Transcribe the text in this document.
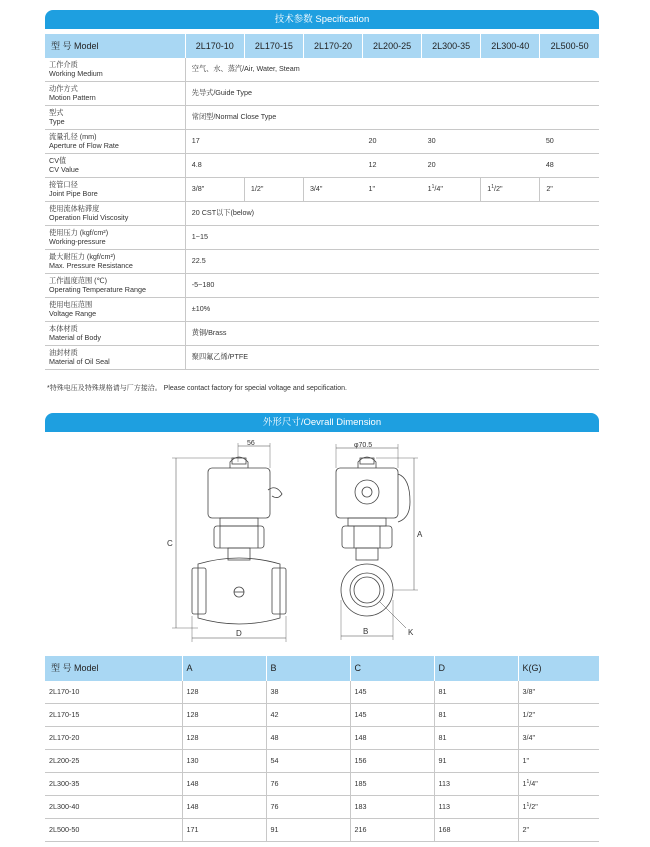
技术参数 Specification
型 号 Model	2L170-10	2L170-15	2L170-20	2L200-25	2L300-35	2L300-40	2L500-50

工作介质
Working Medium	空气、水、蒸汽/Air, Water, Steam						

动作方式
Motion Pattern	先导式/Guide Type						

型式
Type	常闭型/Normal Close Type						

流量孔径 (mm)
Aperture of Flow Rate	17			20	30		50

CV值
CV Value	4.8			12	20		48

接管口径
Joint Pipe Bore	3/8"	1/2"	3/4"	1"	$1^1/4$"	$1^1/2$"	2"

使用流体粘滞度
Operation Fluid Viscosity	20 CST以下(below)						

使用压力 (kgf/cm²)
Working-pressure	1~15						

最大耐压力 (kgf/cm²)
Max. Pressure Resistance	22.5						

工作温度范围 (℃)
Operating Temperature Range	-5~180						

使用电压范围
Voltage Range	±10%						

本体材质
Material of Body	黄铜/Brass						

油封材质
Material of Oil Seal	聚四氟乙烯/PTFE						
*特殊电压及特殊规格请与厂方接洽。 Please contact factory for special voltage and sepcification.
外形尺寸/Oevrall Dimension
56
C
D
φ70.5
A
B	K
型 号 Model	A	B	C	D	K(G)
2L170-10	128	38	145	81	3/8"
2L170-15	128	42	145	81	1/2"
2L170-20	128	48	148	81	3/4"
2L200-25	130	54	156	91	1"
2L300-35	148	76	185	113	$1^1/4$"
2L300-40	148	76	183	113	$1^1/2$"
2L500-50	171	91	216	168	2"
